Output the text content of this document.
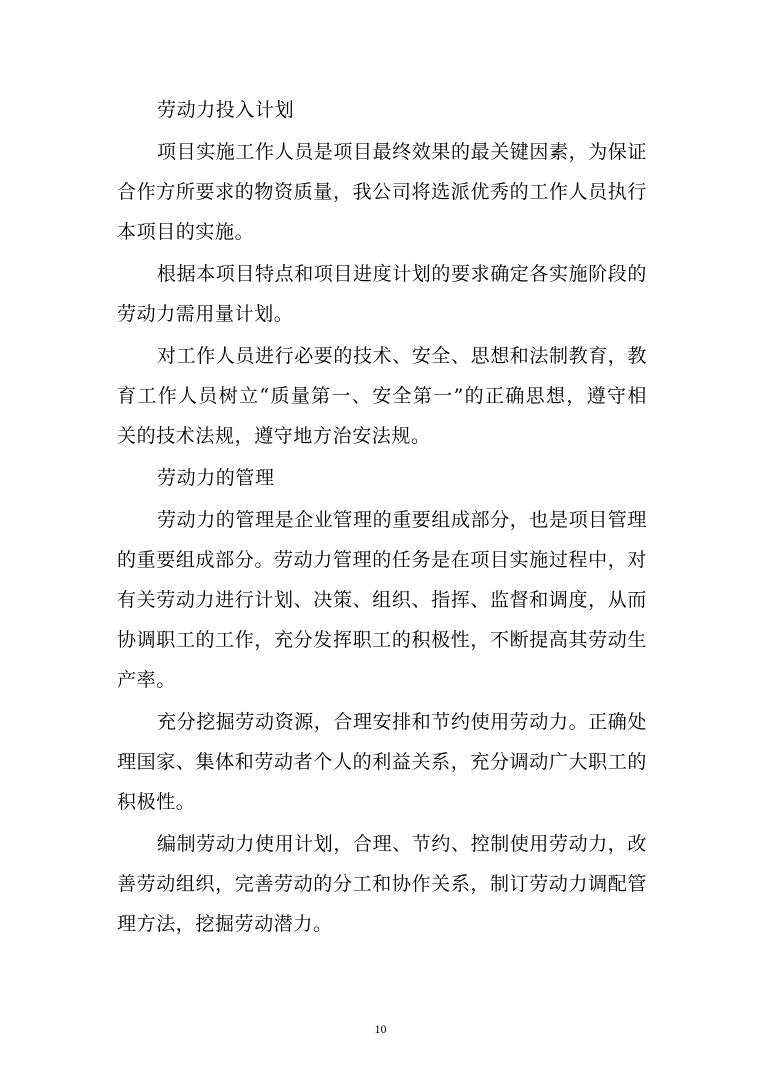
劳动力投入计划

项目实施工作人员是项目最终效果的最关键因素，为保证合作方所要求的物资质量，我公司将选派优秀的工作人员执行本项目的实施。

根据本项目特点和项目进度计划的要求确定各实施阶段的劳动力需用量计划。

对工作人员进行必要的技术、安全、思想和法制教育，教育工作人员树立“质量第一、安全第一”的正确思想，遵守相关的技术法规，遵守地方治安法规。

劳动力的管理

劳动力的管理是企业管理的重要组成部分，也是项目管理的重要组成部分。劳动力管理的任务是在项目实施过程中，对有关劳动力进行计划、决策、组织、指挥、监督和调度，从而协调职工的工作，充分发挥职工的积极性，不断提高其劳动生产率。

充分挖掘劳动资源，合理安排和节约使用劳动力。正确处理国家、集体和劳动者个人的利益关系，充分调动广大职工的积极性。

编制劳动力使用计划，合理、节约、控制使用劳动力，改善劳动组织，完善劳动的分工和协作关系，制订劳动力调配管理方法，挖掘劳动潜力。

10
